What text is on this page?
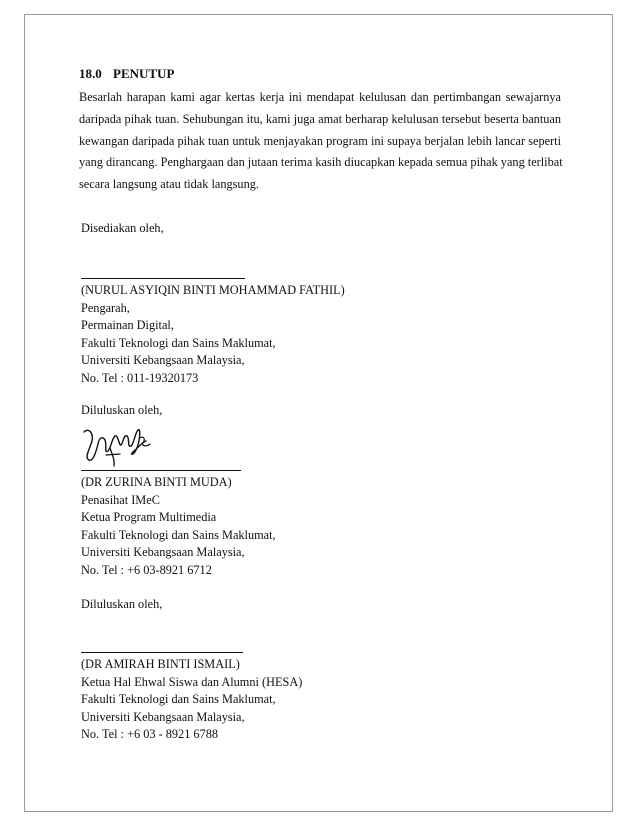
18.0 PENUTUP
Besarlah harapan kami agar kertas kerja ini mendapat kelulusan dan pertimbangan sewajarnya
daripada pihak tuan. Sehubungan itu, kami juga amat berharap kelulusan tersebut beserta bantuan
kewangan daripada pihak tuan untuk menjayakan program ini supaya berjalan lebih lancar seperti
yang dirancang. Penghargaan dan jutaan terima kasih diucapkan kepada semua pihak yang terlibat
secara langsung atau tidak langsung.
Disediakan oleh,
(NURUL ASYIQIN BINTI MOHAMMAD FATHIL)
Pengarah,
Permainan Digital,
Fakulti Teknologi dan Sains Maklumat,
Universiti Kebangsaan Malaysia,
No. Tel : 011-19320173
Diluluskan oleh,
(DR ZURINA BINTI MUDA)
Penasihat IMeC
Ketua Program Multimedia
Fakulti Teknologi dan Sains Maklumat,
Universiti Kebangsaan Malaysia,
No. Tel : +6 03-8921 6712
Diluluskan oleh,
(DR AMIRAH BINTI ISMAIL)
Ketua Hal Ehwal Siswa dan Alumni (HESA)
Fakulti Teknologi dan Sains Maklumat,
Universiti Kebangsaan Malaysia,
No. Tel : +6 03 - 8921 6788
